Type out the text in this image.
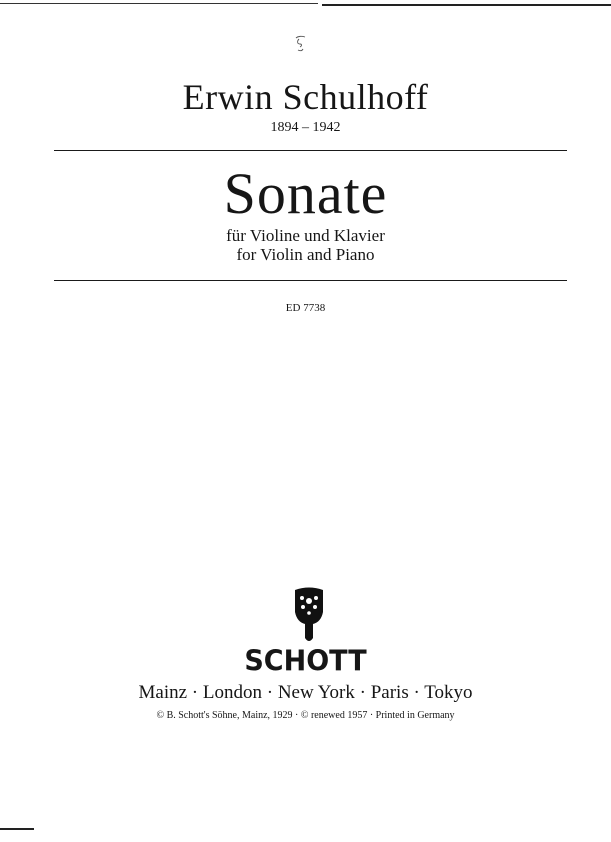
Erwin Schulhoff
1894 – 1942
Sonate
für Violine und Klavier
for Violin and Piano
ED 7738
SCHOTT
Mainz · London · New York · Paris · Tokyo
© B. Schott's Söhne, Mainz, 1929 · © renewed 1957 · Printed in Germany
